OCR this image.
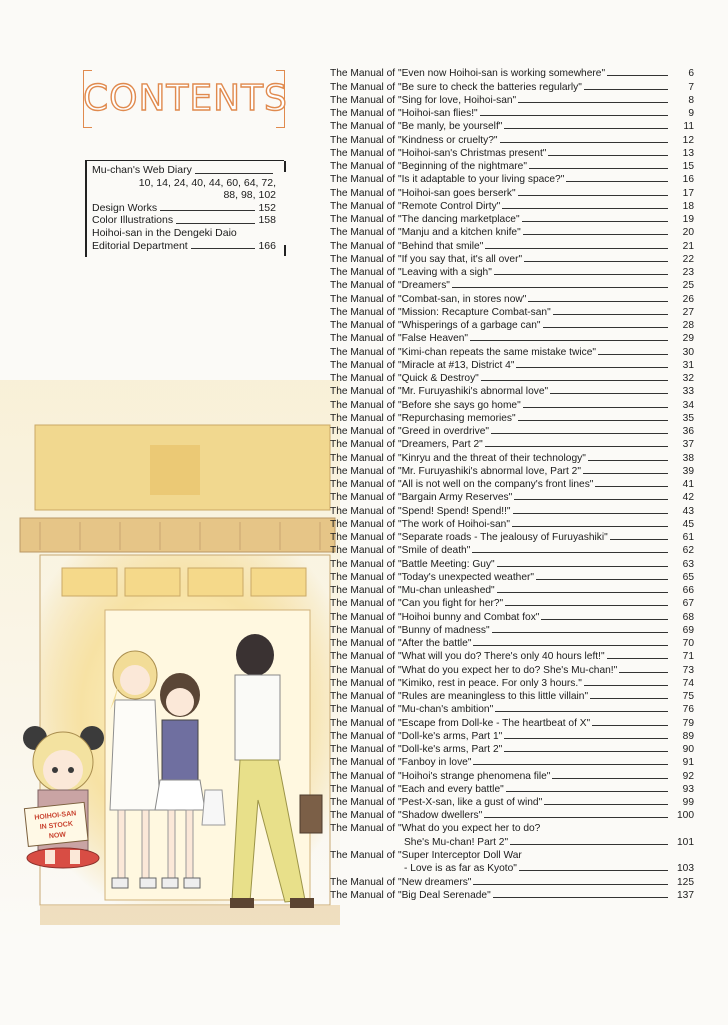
CONTENTS
Mu-chan's Web Diary
10, 14, 24, 40, 44, 60, 64, 72,
88, 98, 102
Design Works	152
Color Illustrations	158
Hoihoi-san in the Dengeki Daio
Editorial Department	166
HOIHOI-SAN
IN STOCK
NOW
The Manual of "Even now Hoihoi-san is working somewhere"	6
The Manual of "Be sure to check the batteries regularly"	7
The Manual of "Sing for love, Hoihoi-san"	8
The Manual of "Hoihoi-san flies!"	9
The Manual of "Be manly, be yourself"	11
The Manual of "Kindness or cruelty?"	12
The Manual of "Hoihoi-san's Christmas present"	13
The Manual of "Beginning of the nightmare"	15
The Manual of "Is it adaptable to your living space?"	16
The Manual of "Hoihoi-san goes berserk"	17
The Manual of "Remote Control Dirty"	18
The Manual of "The dancing marketplace"	19
The Manual of "Manju and a kitchen knife"	20
The Manual of "Behind that smile"	21
The Manual of "If you say that, it's all over"	22
The Manual of "Leaving with a sigh"	23
The Manual of "Dreamers"	25
The Manual of "Combat-san, in stores now"	26
The Manual of "Mission: Recapture Combat-san"	27
The Manual of "Whisperings of a garbage can"	28
The Manual of "False Heaven"	29
The Manual of "Kimi-chan repeats the same mistake twice"	30
The Manual of "Miracle at #13, District 4"	31
The Manual of "Quick & Destroy"	32
The Manual of "Mr. Furuyashiki's abnormal love"	33
The Manual of "Before she says go home"	34
The Manual of "Repurchasing memories"	35
The Manual of "Greed in overdrive"	36
The Manual of "Dreamers, Part 2"	37
The Manual of "Kinryu and the threat of their technology"	38
The Manual of "Mr. Furuyashiki's abnormal love, Part 2"	39
The Manual of "All is not well on the company's front lines"	41
The Manual of "Bargain Army Reserves"	42
The Manual of "Spend! Spend! Spend!!"	43
The Manual of "The work of Hoihoi-san"	45
The Manual of "Separate roads - The jealousy of Furuyashiki"	61
The Manual of "Smile of death"	62
The Manual of "Battle Meeting: Guy"	63
The Manual of "Today's unexpected weather"	65
The Manual of "Mu-chan unleashed"	66
The Manual of "Can you fight for her?"	67
The Manual of "Hoihoi bunny and Combat fox"	68
The Manual of "Bunny of madness"	69
The Manual of "After the battle"	70
The Manual of "What will you do? There's only 40 hours left!"	71
The Manual of "What do you expect her to do? She's Mu-chan!"	73
The Manual of "Kimiko, rest in peace. For only 3 hours."	74
The Manual of "Rules are meaningless to this little villain"	75
The Manual of "Mu-chan's ambition"	76
The Manual of "Escape from Doll-ke - The heartbeat of X"	79
The Manual of "Doll-ke's arms, Part 1"	89
The Manual of "Doll-ke's arms, Part 2"	90
The Manual of "Fanboy in love"	91
The Manual of "Hoihoi's strange phenomena file"	92
The Manual of "Each and every battle"	93
The Manual of "Pest-X-san, like a gust of wind"	99
The Manual of "Shadow dwellers"	100
The Manual of "What do you expect her to do?
She's Mu-chan! Part 2"	101
The Manual of "Super Interceptor Doll War
- Love is as far as Kyoto"	103
The Manual of "New dreamers"	125
The Manual of "Big Deal Serenade"	137
